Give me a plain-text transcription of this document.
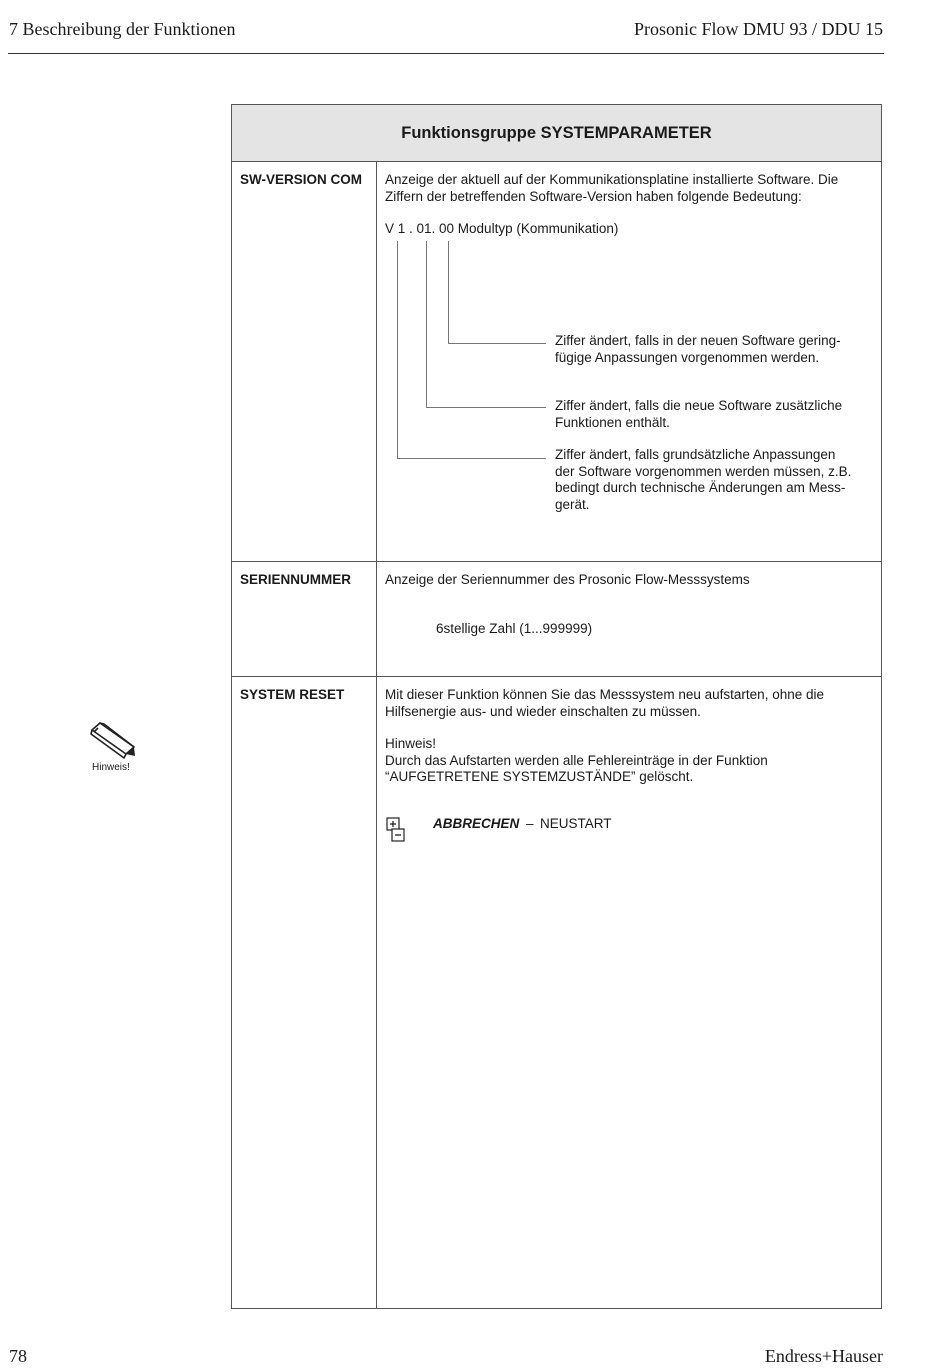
7 Beschreibung der Funktionen	Prosonic Flow DMU 93 / DDU 15
Hinweis!
Funktionsgruppe SYSTEMPARAMETER
SW-VERSION COM Anzeige der aktuell auf der Kommunikationsplatine installierte Software. Die
Ziffern der betreffenden Software-Version haben folgende Bedeutung:
V 1 . 01. 00 Modultyp (Kommunikation)
Ziffer ändert, falls in der neuen Software gering-
fügige Anpassungen vorgenommen werden.
Ziffer ändert, falls die neue Software zusätzliche
Funktionen enthält.
Ziffer ändert, falls grundsätzliche Anpassungen
der Software vorgenommen werden müssen, z.B.
bedingt durch technische Änderungen am Mess-
gerät.
SERIENNUMMER	Anzeige der Seriennummer des Prosonic Flow-Messsystems
6stellige Zahl (1...999999)
SYSTEM RESET	Mit dieser Funktion können Sie das Messsystem neu aufstarten, ohne die
Hilfsenergie aus- und wieder einschalten zu müssen.
Hinweis!
Durch das Aufstarten werden alle Fehlereinträge in der Funktion
“AUFGETRETENE SYSTEMZUSTÄNDE” gelöscht.
ABBRECHEN – NEUSTART
78	Endress+Hauser
